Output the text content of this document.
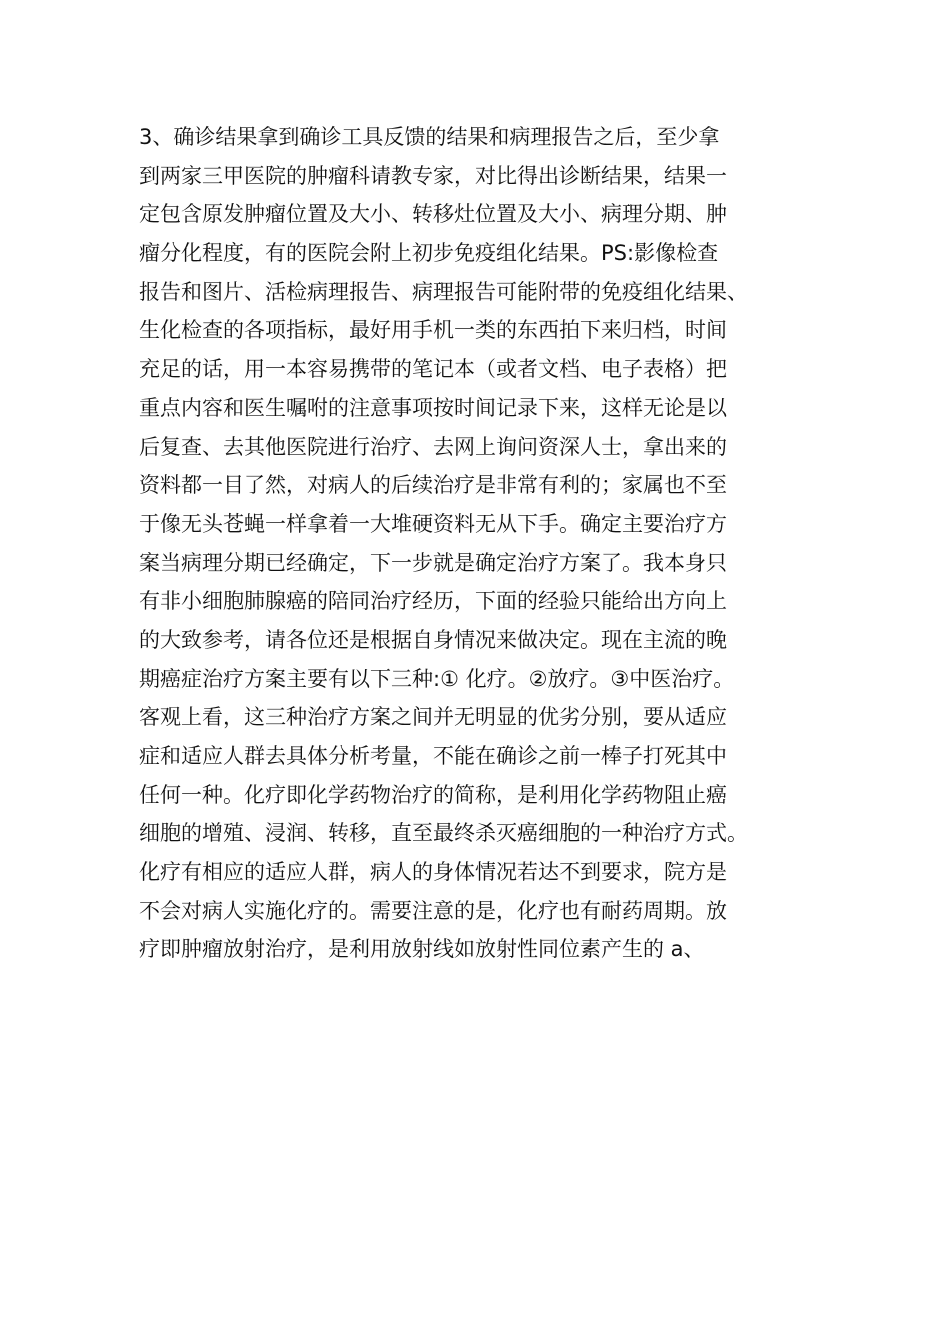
3、确诊结果拿到确诊工具反馈的结果和病理报告之后，至少拿
到两家三甲医院的肿瘤科请教专家，对比得出诊断结果，结果一
定包含原发肿瘤位置及大小、转移灶位置及大小、病理分期、肿
瘤分化程度，有的医院会附上初步免疫组化结果。PS:影像检查
报告和图片、活检病理报告、病理报告可能附带的免疫组化结果、
生化检查的各项指标，最好用手机一类的东西拍下来归档，时间
充足的话，用一本容易携带的笔记本（或者文档、电子表格）把
重点内容和医生嘱咐的注意事项按时间记录下来，这样无论是以
后复查、去其他医院进行治疗、去网上询问资深人士，拿出来的
资料都一目了然，对病人的后续治疗是非常有利的；家属也不至
于像无头苍蝇一样拿着一大堆硬资料无从下手。确定主要治疗方
案当病理分期已经确定，下一步就是确定治疗方案了。我本身只
有非小细胞肺腺癌的陪同治疗经历，下面的经验只能给出方向上
的大致参考，请各位还是根据自身情况来做决定。现在主流的晚
期癌症治疗方案主要有以下三种:① 化疗。②放疗。③中医治疗。
客观上看，这三种治疗方案之间并无明显的优劣分别，要从适应
症和适应人群去具体分析考量，不能在确诊之前一棒子打死其中
任何一种。化疗即化学药物治疗的简称，是利用化学药物阻止癌
细胞的增殖、浸润、转移，直至最终杀灭癌细胞的一种治疗方式。
化疗有相应的适应人群，病人的身体情况若达不到要求，院方是
不会对病人实施化疗的。需要注意的是，化疗也有耐药周期。放
疗即肿瘤放射治疗，是利用放射线如放射性同位素产生的 a、
